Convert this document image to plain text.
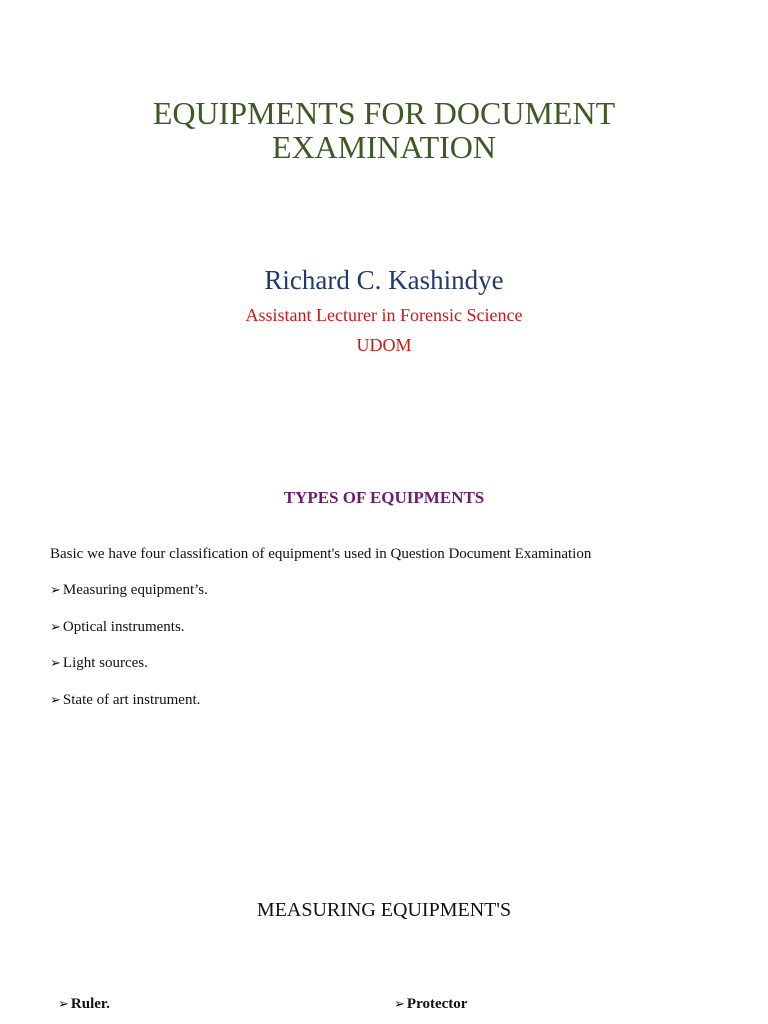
EQUIPMENTS FOR DOCUMENT
EXAMINATION
Richard C. Kashindye
Assistant Lecturer in Forensic Science
UDOM
TYPES OF EQUIPMENTS
Basic we have four classification of equipment's used in Question Document Examination
➢ Measuring equipment’s.
➢ Optical instruments.
➢ Light sources.
➢ State of art instrument.
MEASURING EQUIPMENT'S
➢ Ruler.	➢ Protector
